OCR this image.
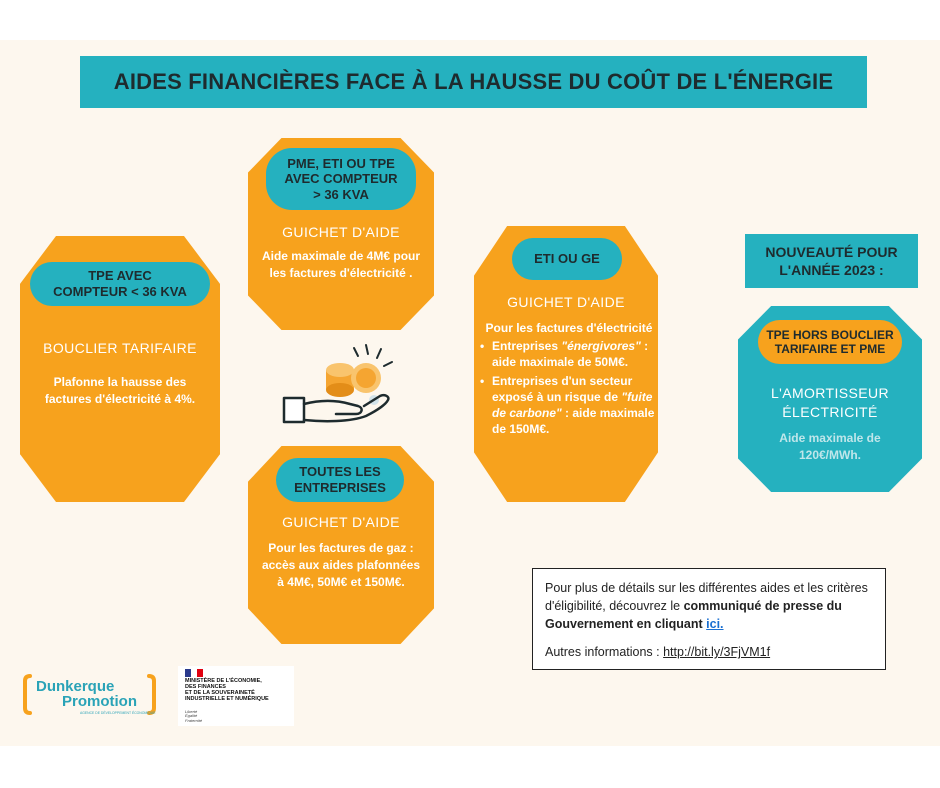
AIDES FINANCIÈRES FACE À LA HAUSSE DU COÛT DE L'ÉNERGIE
TPE AVEC COMPTEUR < 36 KVA
BOUCLIER TARIFAIRE
Plafonne la hausse des factures d'électricité à 4%.
PME, ETI OU TPE
AVEC COMPTEUR
> 36 KVA
GUICHET D'AIDE
Aide maximale de 4M€ pour les factures d'électricité .
TOUTES LES
ENTREPRISES
GUICHET D'AIDE
Pour les factures de gaz : accès aux aides plafonnées à 4M€, 50M€ et 150M€.
ETI OU GE
GUICHET D'AIDE
Pour les factures d'électricité
• Entreprises "énergivores" : aide maximale de 50M€.
• Entreprises d'un secteur exposé à un risque de "fuite de carbone" : aide maximale de 150M€.
NOUVEAUTÉ POUR
L'ANNÉE 2023 :
TPE HORS BOUCLIER
TARIFAIRE ET PME
L'AMORTISSEUR
ÉLECTRICITÉ
Aide maximale de 120€/MWh.

Pour plus de détails sur les différentes aides et les critères d'éligibilité, découvrez le communiqué de presse du Gouvernement en cliquant ici.

Autres informations : http://bit.ly/3FjVM1f

Dunkerque
Promotion
AGENCE DE DÉVELOPPEMENT ÉCONOMIQUE
MINISTÈRE DE L'ÉCONOMIE,
DES FINANCES
ET DE LA SOUVERAINETÉ
INDUSTRIELLE ET NUMÉRIQUE
Liberté
Égalité
Fraternité
